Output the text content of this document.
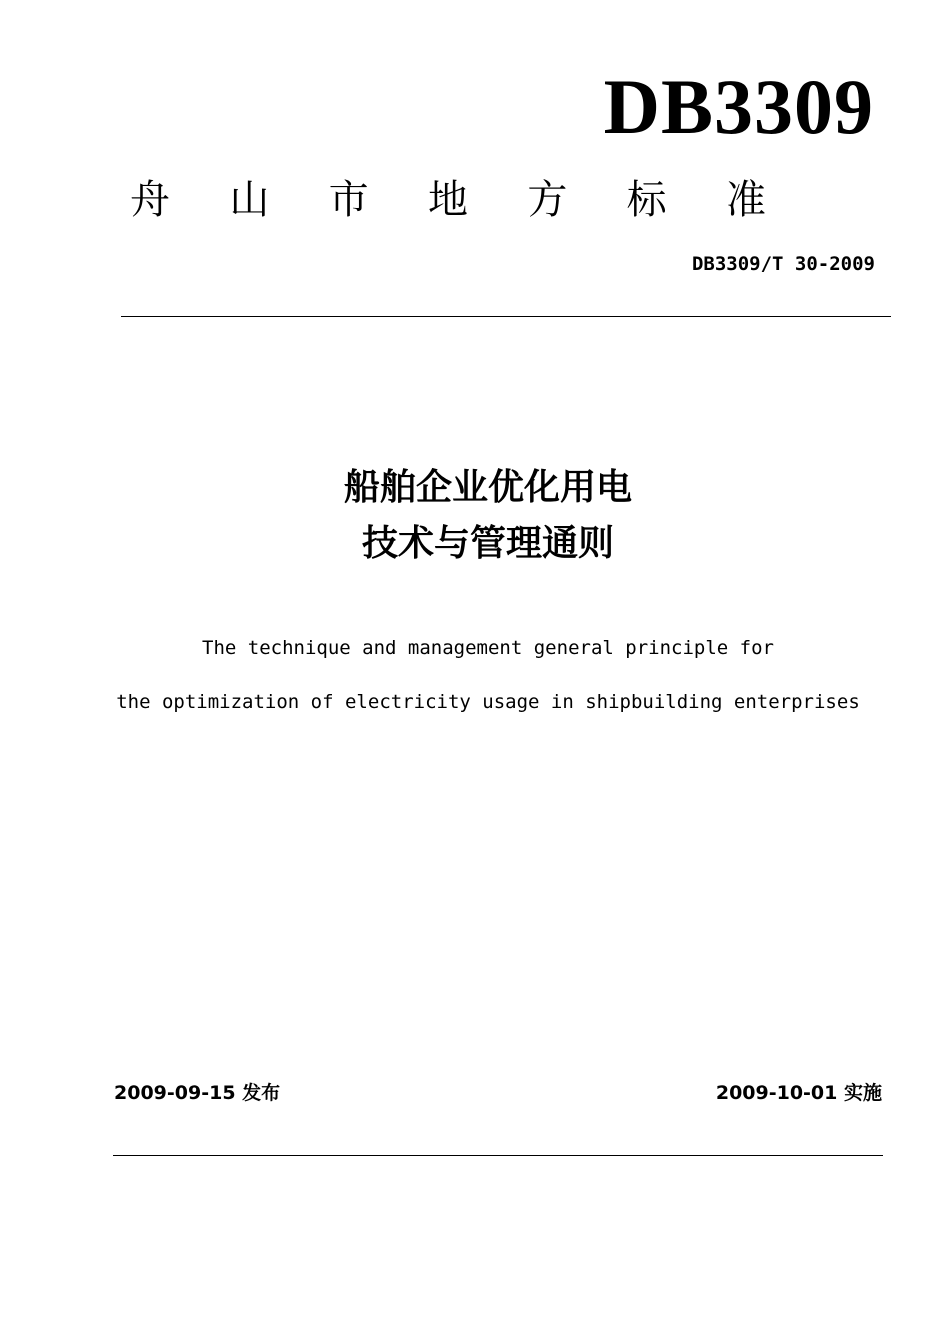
DB3309
舟 山 市 地 方 标 准
DB3309/T 30-2009
船舶企业优化用电
技术与管理通则
The technique and management general principle for
the optimization of electricity usage in shipbuilding enterprises
2009-09-15 发布	2009-10-01 实施
